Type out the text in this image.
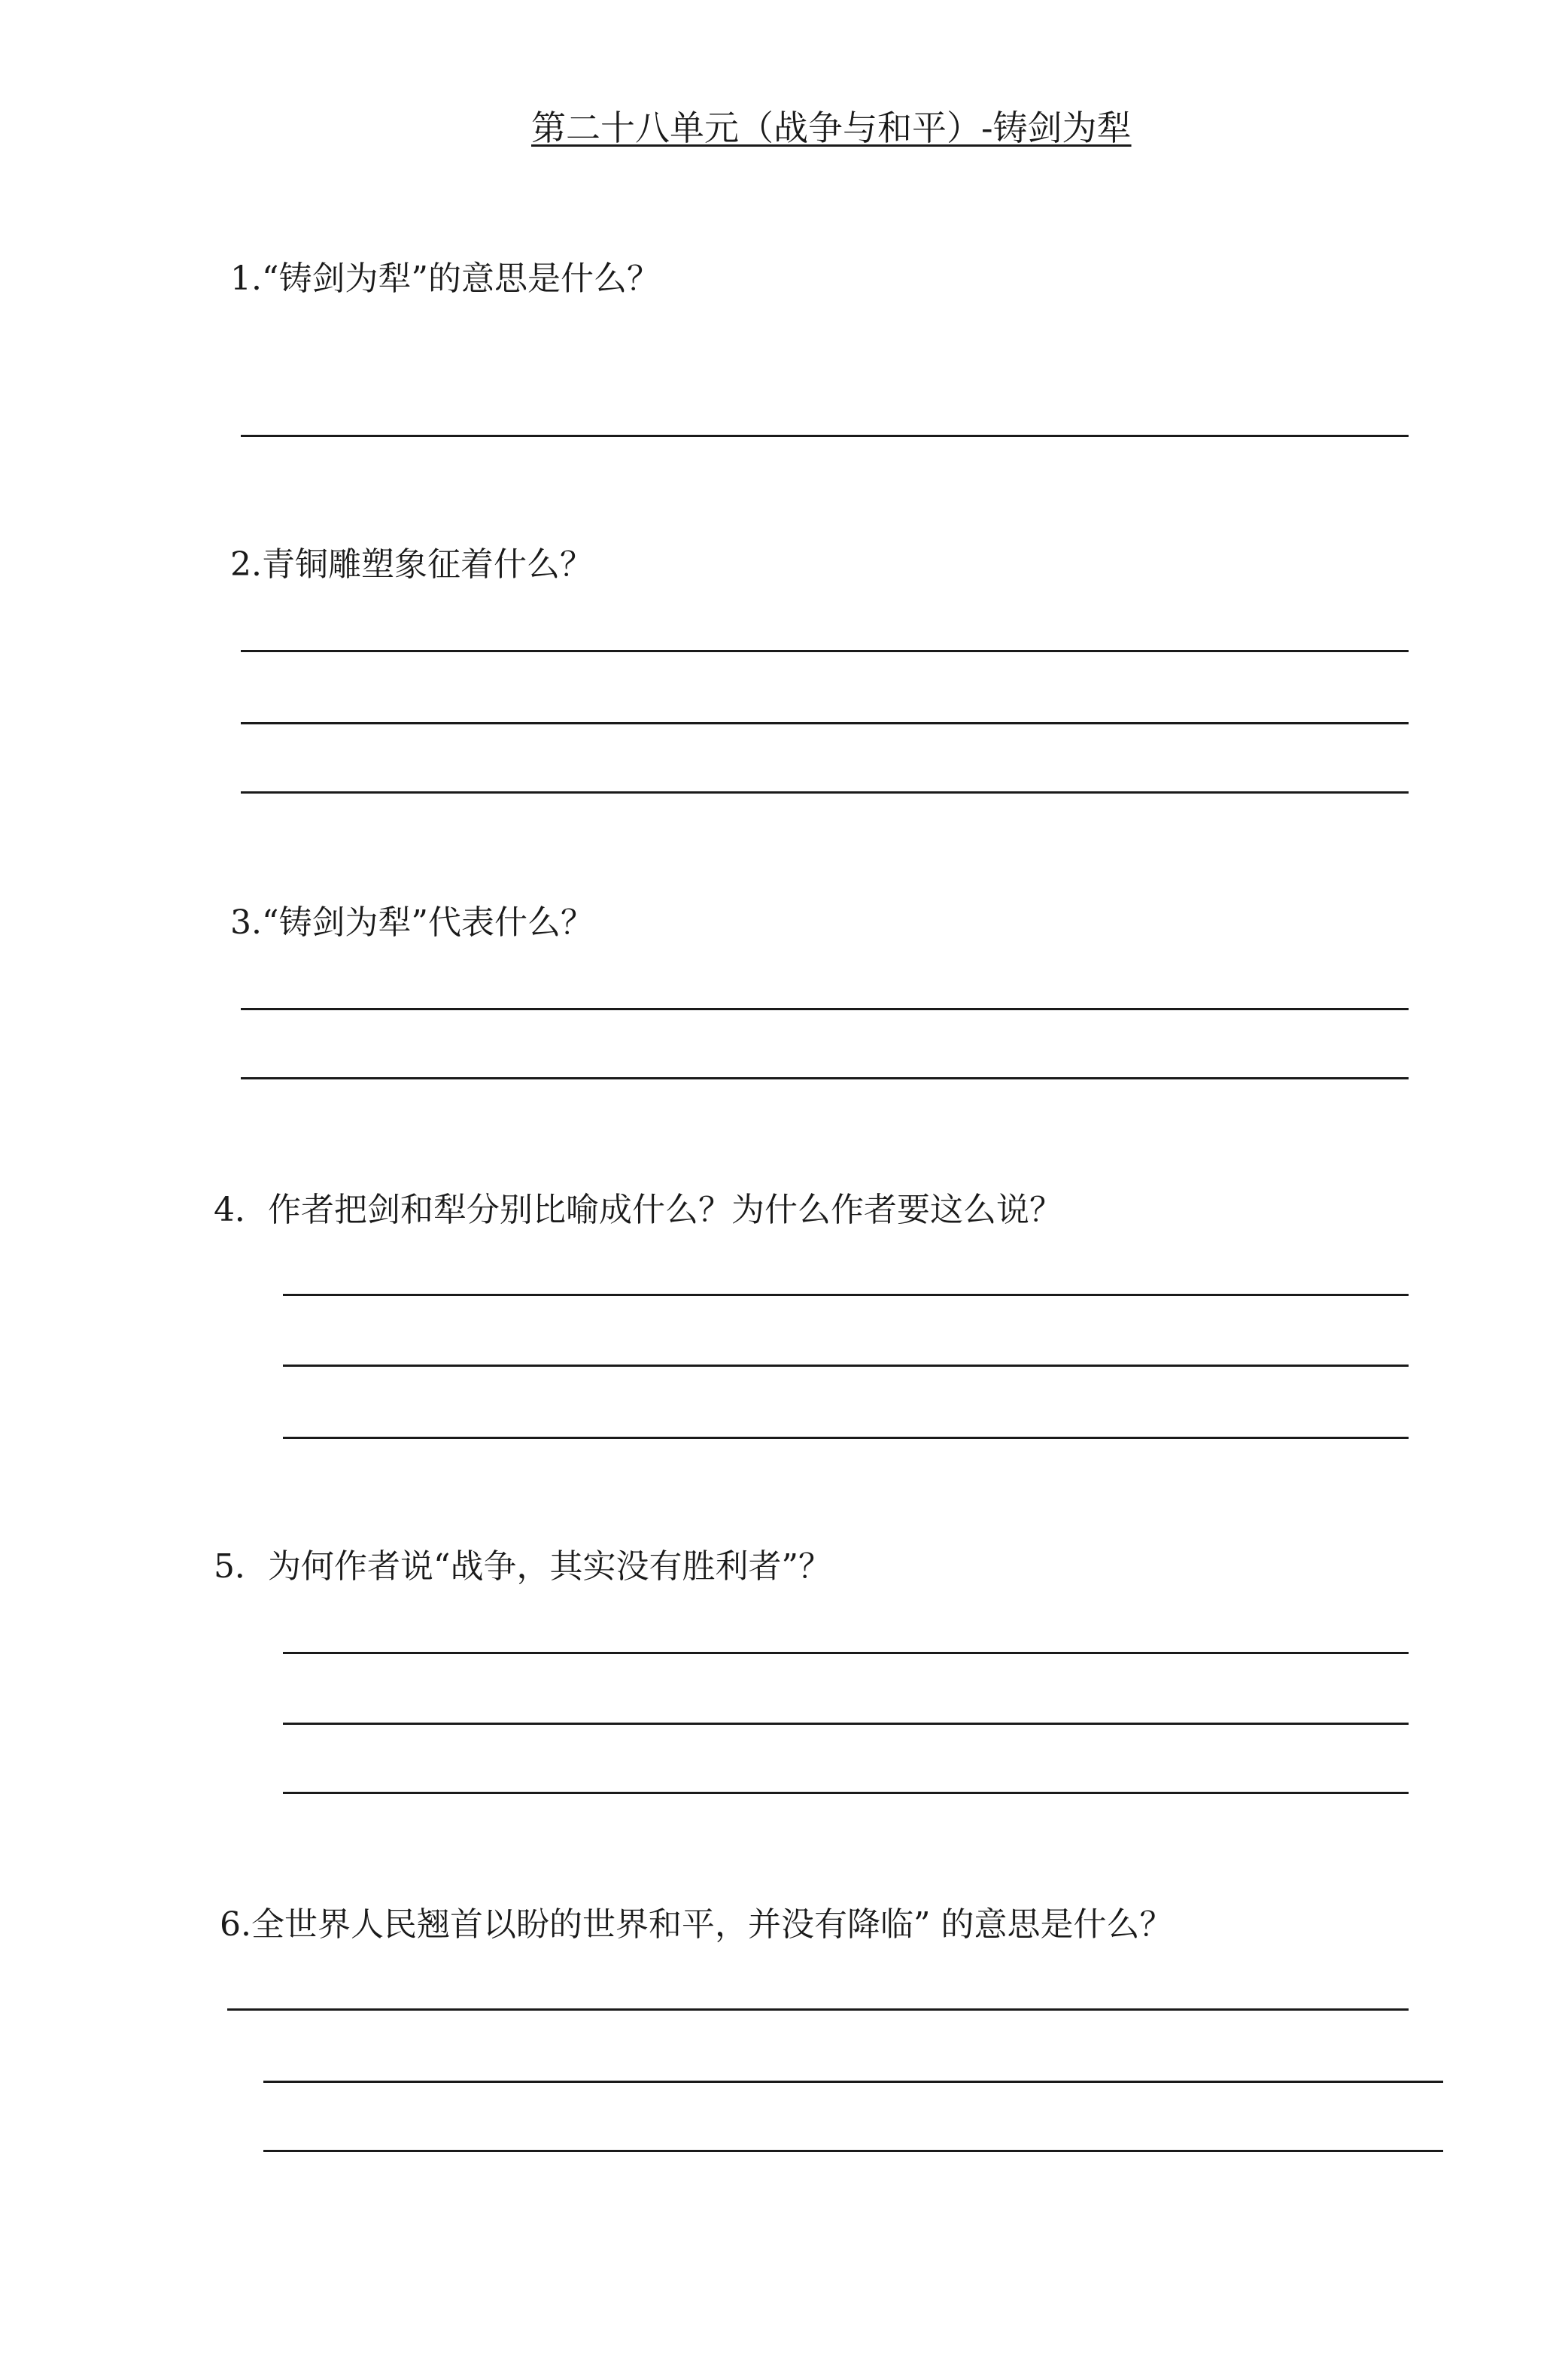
第二十八单元（战争与和平）-铸剑为犁
1.“铸剑为犁”的意思是什么？
2.青铜雕塑象征着什么？
3.“铸剑为犁”代表什么？
4．作者把剑和犁分别比喻成什么？为什么作者要这么说？
5．为何作者说“战争，其实没有胜利者”？
6.全世界人民翘首以盼的世界和平，并没有降临” 的意思是什么？
